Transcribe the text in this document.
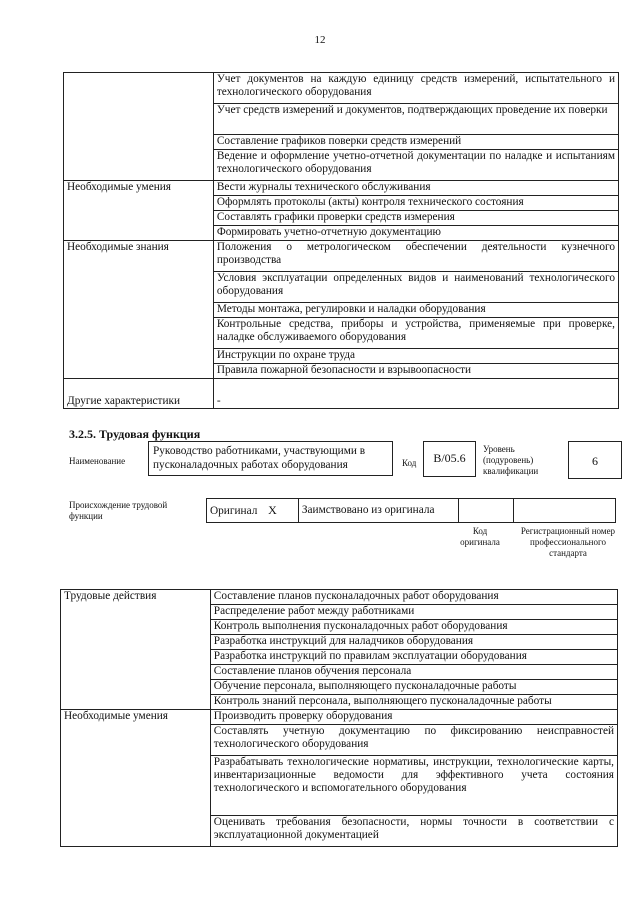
12
	Учет документов на каждую единицу средств измерений, испытательного и технологического оборудования
	Учет средств измерений и документов, подтверждающих проведение их поверки
	Составление графиков поверки средств измерений
	Ведение и оформление учетно-отчетной документации по наладке и испытаниям технологического оборудования
Необходимые умения	Вести журналы технического обслуживания
	Оформлять протоколы (акты) контроля технического состояния
	Составлять графики проверки средств измерения
	Формировать учетно-отчетную документацию
Необходимые знания	Положения о метрологическом обеспечении деятельности кузнечного производства
	Условия эксплуатации определенных видов и наименований технологического оборудования
	Методы монтажа, регулировки и наладки оборудования
	Контрольные средства, приборы и устройства, применяемые при проверке, наладке обслуживаемого оборудования
	Инструкции по охране труда
	Правила пожарной безопасности и взрывоопасности
Другие характеристики	-
3.2.5. Трудовая функция
Наименование
Руководство работниками, участвующими в пусконаладочных работах оборудования	Код	B/05.6
Уровень (подуровень) квалификации
6
Происхождение трудовой функции	Оригинал X	Заимствовано из оригинала		
Код оригинала
Регистрационный номер профессионального стандарта
Трудовые действия	Составление планов пусконаладочных работ оборудования
	Распределение работ между работниками
	Контроль выполнения пусконаладочных работ оборудования
	Разработка инструкций для наладчиков оборудования
	Разработка инструкций по правилам эксплуатации оборудования
	Составление планов обучения персонала
	Обучение персонала, выполняющего пусконаладочные работы
	Контроль знаний персонала, выполняющего пусконаладочные работы
Необходимые умения	Производить проверку оборудования
	Составлять учетную документацию по фиксированию неисправностей технологического оборудования
	Разрабатывать технологические нормативы, инструкции, технологические карты, инвентаризационные ведомости для эффективного учета состояния технологического и вспомогательного оборудования
	Оценивать требования безопасности, нормы точности в соответствии с эксплуатационной документацией
